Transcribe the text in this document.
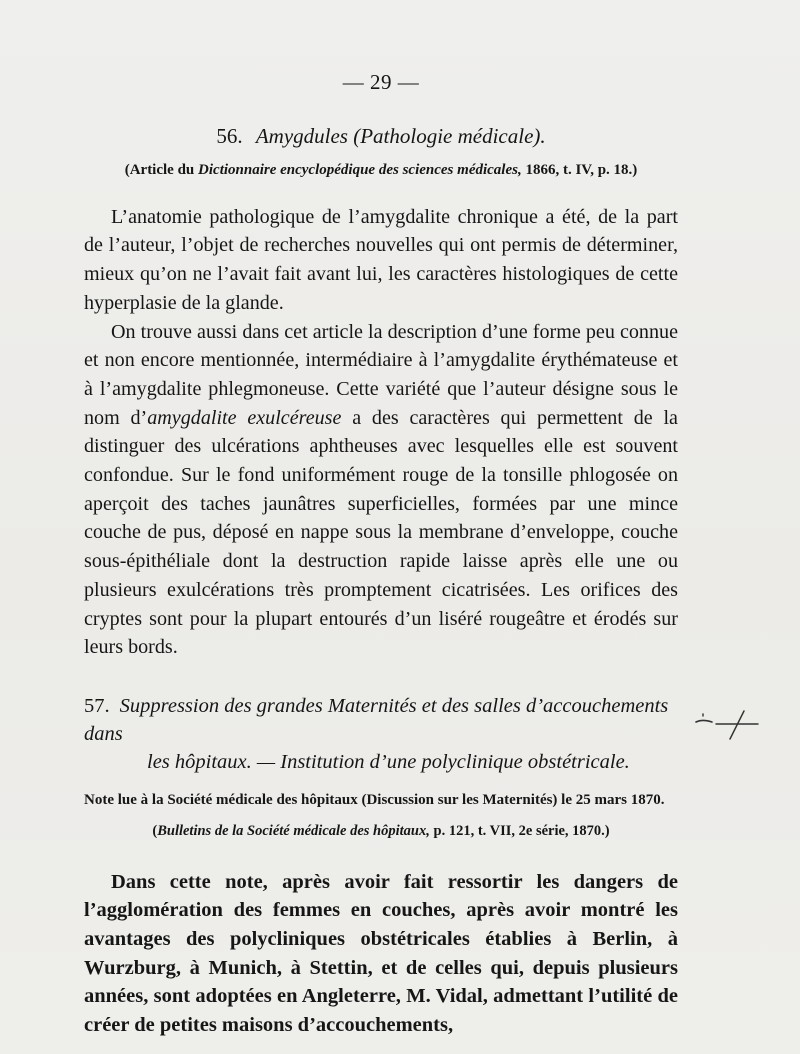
— 29 —
56. Amygdules (Pathologie médicale).
(Article du Dictionnaire encyclopédique des sciences médicales, 1866, t. IV, p. 18.)

L’anatomie pathologique de l’amygdalite chronique a été, de la part de l’auteur, l’objet de recherches nouvelles qui ont permis de déterminer, mieux qu’on ne l’avait fait avant lui, les caractères histologiques de cette hyperplasie de la glande.

On trouve aussi dans cet article la description d’une forme peu connue et non encore mentionnée, intermédiaire à l’amygdalite érythémateuse et à l’amygdalite phlegmoneuse. Cette variété que l’auteur désigne sous le nom d’amygdalite exulcéreuse a des caractères qui permettent de la distinguer des ulcérations aphtheuses avec lesquelles elle est souvent confondue. Sur le fond uniformément rouge de la tonsille phlogosée on aperçoit des taches jaunâtres superficielles, formées par une mince couche de pus, déposé en nappe sous la membrane d’enveloppe, couche sous-épithéliale dont la destruction rapide laisse après elle une ou plusieurs exulcérations très promptement cicatrisées. Les orifices des cryptes sont pour la plupart entourés d’un liséré rougeâtre et érodés sur leurs bords.

57. Suppression des grandes Maternités et des salles d’accouchements dans
les hôpitaux. — Institution d’une polyclinique obstétricale.
Note lue à la Société médicale des hôpitaux (Discussion sur les Maternités) le 25 mars 1870.
(Bulletins de la Société médicale des hôpitaux, p. 121, t. VII, 2e série, 1870.)

Dans cette note, après avoir fait ressortir les dangers de l’agglomération des femmes en couches, après avoir montré les avantages des polycliniques obstétricales établies à Berlin, à Wurzburg, à Munich, à Stettin, et de celles qui, depuis plusieurs années, sont adoptées en Angleterre, M. Vidal, admettant l’utilité de créer de petites maisons d’accouchements,
